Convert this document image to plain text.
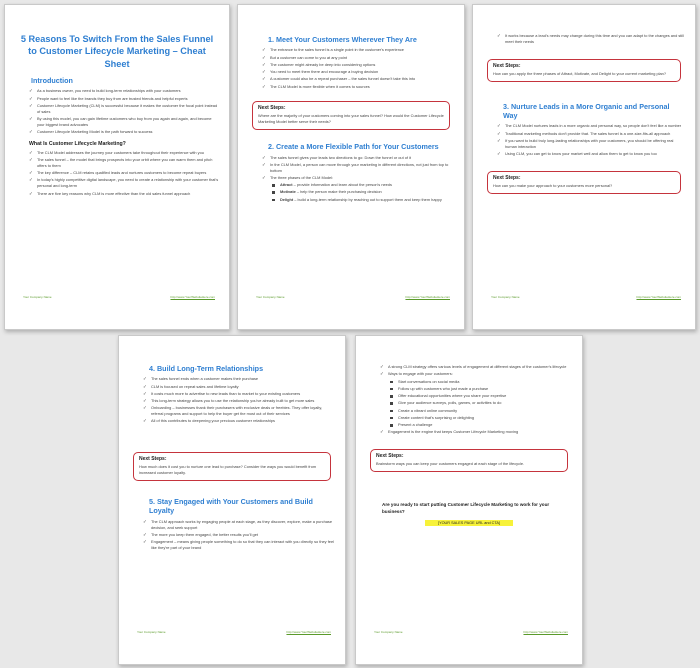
5 Reasons To Switch From the Sales Funnel to Customer Lifecycle Marketing – Cheat Sheet
Introduction
✓ As a business owner, you need to build long-term relationships with your customers
✓ People want to feel like the brands they buy from are trusted friends and helpful experts
✓ Customer Lifecycle Marketing (CLM) is successful because it makes the customer the focal point instead of sales
✓ By using this model, you can gain lifetime customers who buy from you again and again, and become your biggest brand advocates
✓ Customer Lifecycle Marketing Model is the path forward to success
What Is Customer Lifecycle Marketing?
✓ The CLM Model addresses the journey your customers take throughout their experience with you
✓ The sales funnel – the model that brings prospects into your orbit where you can warm them and pitch offers to them
✓ The key difference – CLM retains qualified leads and nurtures customers to become repeat buyers
✓ In today's highly competitive digital landscape, you need to create a relationship with your customer that's personal and long-term
✓ There are five key reasons why CLM is more effective than the old sales funnel approach
Your Company Name	http://www.YourWebsiteHere.com
1. Meet Your Customers Wherever They Are
✓ The entrance to the sales funnel is a single point in the customer's experience
✓ But a customer can come to you at any point
✓ The customer might already be deep into considering options
✓ You need to meet them there and encourage a buying decision
✓ A customer could also be a repeat purchaser – the sales funnel doesn't take this into
✓ The CLM Model is more flexible when it comes to sources
Next Steps:
Where are the majority of your customers coming into your sales funnel? How would the Customer Lifecycle Marketing Model better serve their needs?
2. Create a More Flexible Path for Your Customers
✓ The sales funnel gives your leads two directions to go: Down the funnel or out of it
✓ In the CLM Model, a person can move through your marketing in different directions, not just from top to bottom
✓ The three phases of the CLM Model:
Attract – provide information and learn about the person's needs
Motivate – help the person make their purchasing decision
Delight – build a long-term relationship by reaching out to support them and keep them happy
Your Company Name	http://www.YourWebsiteHere.com
✓ It works because a lead's needs may change during this time and you can adapt to the changes and still meet their needs
Next Steps:
How can you apply the three phases of Attract, Motivate, and Delight to your current marketing plan?
3. Nurture Leads in a More Organic and Personal Way
✓ The CLM Model nurtures leads in a more organic and personal way, so people don't feel like a number
✓ Traditional marketing methods don't provide that. The sales funnel is a one-size-fits-all approach
✓ If you want to build truly long-lasting relationships with your customers, you should be offering real human interaction
✓ Using CLM, you can get to know your market well and allow them to get to know you too
Next Steps:
How can you make your approach to your customers more personal?
Your Company Name	http://www.YourWebsiteHere.com
4. Build Long-Term Relationships
✓ The sales funnel ends when a customer makes their purchase
✓ CLM is focused on repeat sales and lifetime loyalty
✓ It costs much more to advertise to new leads than to market to your existing customers
✓ This long-term strategy allows you to use the relationship you've already built to get more sales
✓ Onboarding – businesses thank their purchasers with exclusive deals or freebies. They offer loyalty, referral programs and support to help the buyer get the most out of their services
✓ All of this contributes to deepening your precious customer relationships
Next Steps:
How much does it cost you to nurture one lead to purchase? Consider the ways you would benefit from increased customer loyalty.
5. Stay Engaged with Your Customers and Build Loyalty
✓ The CLM approach works by engaging people at each stage, as they discover, explore, make a purchase decision, and seek support
✓ The more you keep them engaged, the better results you'll get
✓ Engagement – means giving people something to do so that they can interact with you directly so they feel like they're part of your brand
Your Company Name	http://www.YourWebsiteHere.com
✓ A strong CLM strategy offers various levels of engagement at different stages of the customer's lifecycle
✓ Ways to engage with your customers:
Start conversations on social media
Follow up with customers who just made a purchase
Offer educational opportunities where you share your expertise
Give your audience surveys, polls, games, or activities to do
Create a vibrant online community
Create content that's surprising or delighting
Present a challenge
✓ Engagement is the engine that keeps Customer Lifecycle Marketing moving
Next Steps:
Brainstorm ways you can keep your customers engaged at each stage of the lifecycle.
Are you ready to start putting Customer Lifecycle Marketing to work for your business?
[YOUR SALES PAGE URL and CTA]
Your Company Name	http://www.YourWebsiteHere.com
